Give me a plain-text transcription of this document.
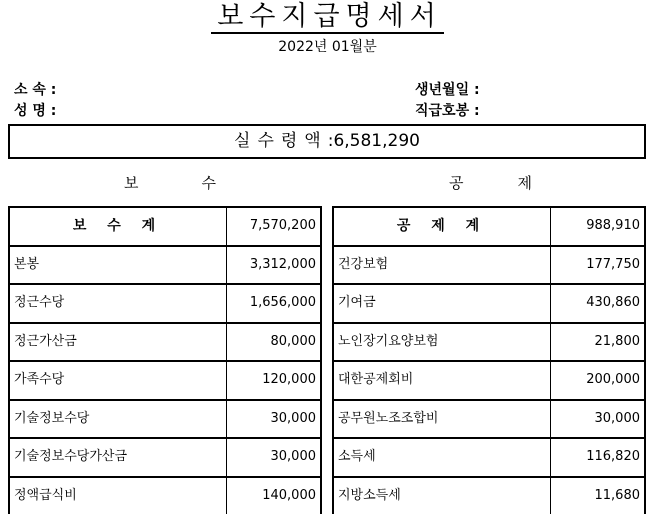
보수지급명세서
2022년 01월분
소 속 :
성 명 :
생년월일 :
직급호봉 :
실수령액:6,581,290
보	수	공	제
보 수 계	7,570,200
본봉	3,312,000
정근수당	1,656,000
정근가산금	80,000
가족수당	120,000
기술정보수당	30,000
기술정보수당가산금	30,000
정액급식비	140,000
공 제 계	988,910
건강보험	177,750
기여금	430,860
노인장기요양보험	21,800
대한공제회비	200,000
공무원노조조합비	30,000
소득세	116,820
지방소득세	11,680
